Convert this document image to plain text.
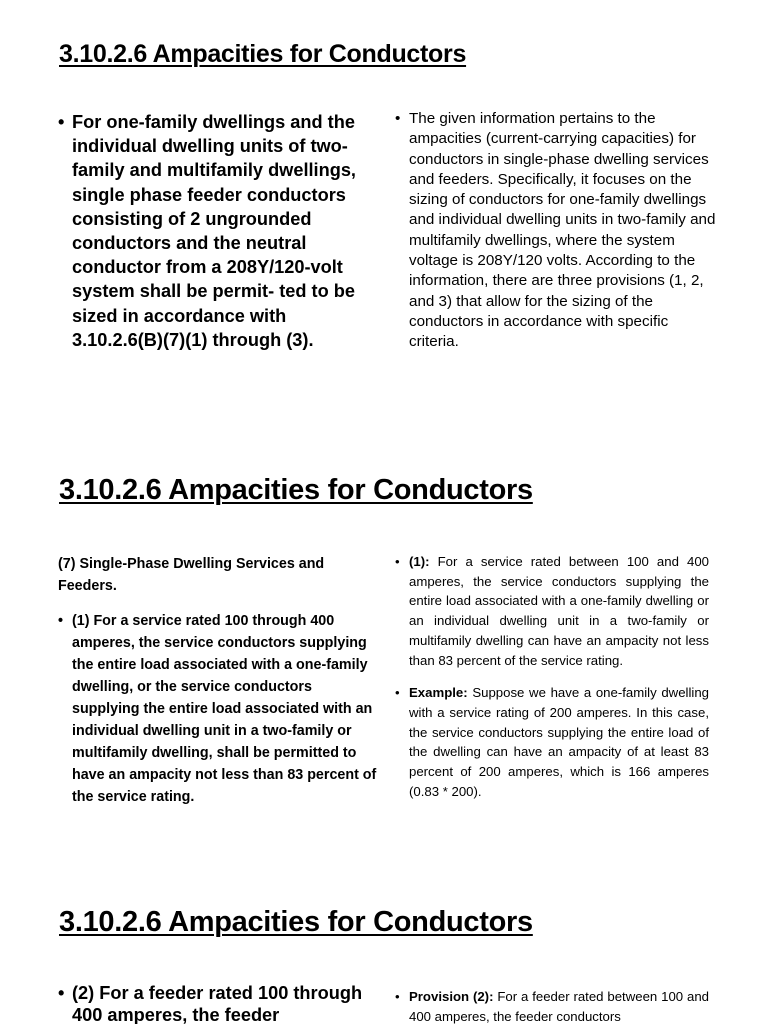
3.10.2.6 Ampacities for Conductors
• For one-family dwellings and the individual dwelling units of two-family and multifamily dwellings, single phase feeder conductors consisting of 2 ungrounded conductors and the neutral conductor from a 208Y/120-volt system shall be permit- ted to be sized in accordance with 3.10.2.6(B)(7)(1) through (3).
• The given information pertains to the ampacities (current-carrying capacities) for conductors in single-phase dwelling services and feeders. Specifically, it focuses on the sizing of conductors for one-family dwellings and individual dwelling units in two-family and multifamily dwellings, where the system voltage is 208Y/120 volts. According to the information, there are three provisions (1, 2, and 3) that allow for the sizing of the conductors in accordance with specific criteria.
3.10.2.6 Ampacities for Conductors
(7) Single-Phase Dwelling Services and Feeders.
• (1) For a service rated 100 through 400 amperes, the service conductors supplying the entire load associated with a one-family dwelling, or the service conductors supplying the entire load associated with an individual dwelling unit in a two-family or multifamily dwelling, shall be permitted to have an ampacity not less than 83 percent of the service rating.
• (1): For a service rated between 100 and 400 amperes, the service conductors supplying the entire load associated with a one-family dwelling or an individual dwelling unit in a two-family or multifamily dwelling can have an ampacity not less than 83 percent of the service rating.
• Example: Suppose we have a one-family dwelling with a service rating of 200 amperes. In this case, the service conductors supplying the entire load of the dwelling can have an ampacity of at least 83 percent of 200 amperes, which is 166 amperes (0.83 * 200).
3.10.2.6 Ampacities for Conductors
• (2) For a feeder rated 100 through 400 amperes, the feeder
• Provision (2): For a feeder rated between 100 and 400 amperes, the feeder conductors
